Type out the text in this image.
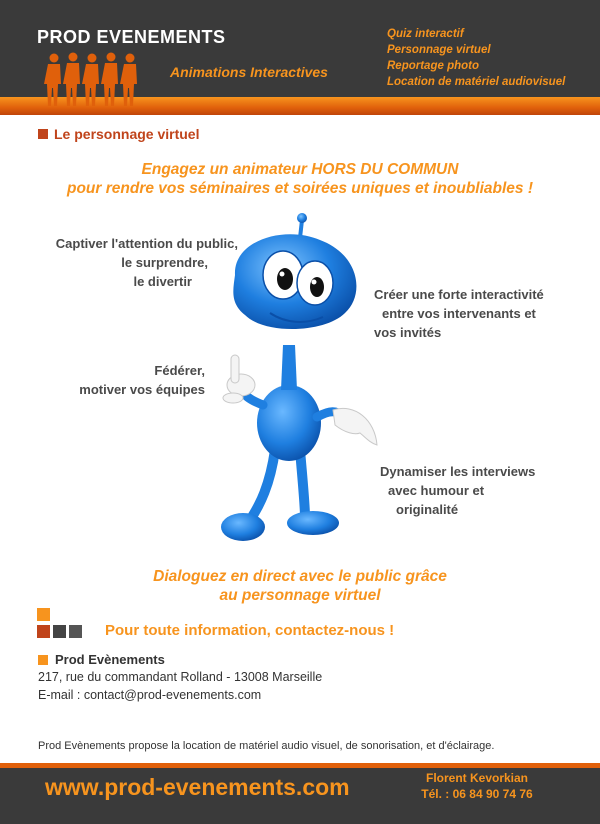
PROD EVENEMENTS
Animations Interactives
Quiz interactif
Personnage virtuel
Reportage photo
Location de matériel audiovisuel
Le personnage virtuel
Engagez un animateur HORS DU COMMUN
pour rendre vos séminaires et soirées uniques et inoubliables !
Captiver l'attention du public,
le surprendre,
le divertir
Fédérer,
motiver vos équipes
Créer une forte interactivité
entre vos intervenants et
vos invités
Dynamiser les interviews
avec humour et
originalité
Dialoguez en direct avec le public grâce
au personnage virtuel
Pour toute information, contactez-nous !
Prod Evènements
217, rue du commandant Rolland - 13008 Marseille
E-mail : contact@prod-evenements.com
Prod Evènements propose la location de matériel audio visuel, de sonorisation, et d'éclairage.
www.prod-evenements.com	Florent Kevorkian
Tél. : 06 84 90 74 76
